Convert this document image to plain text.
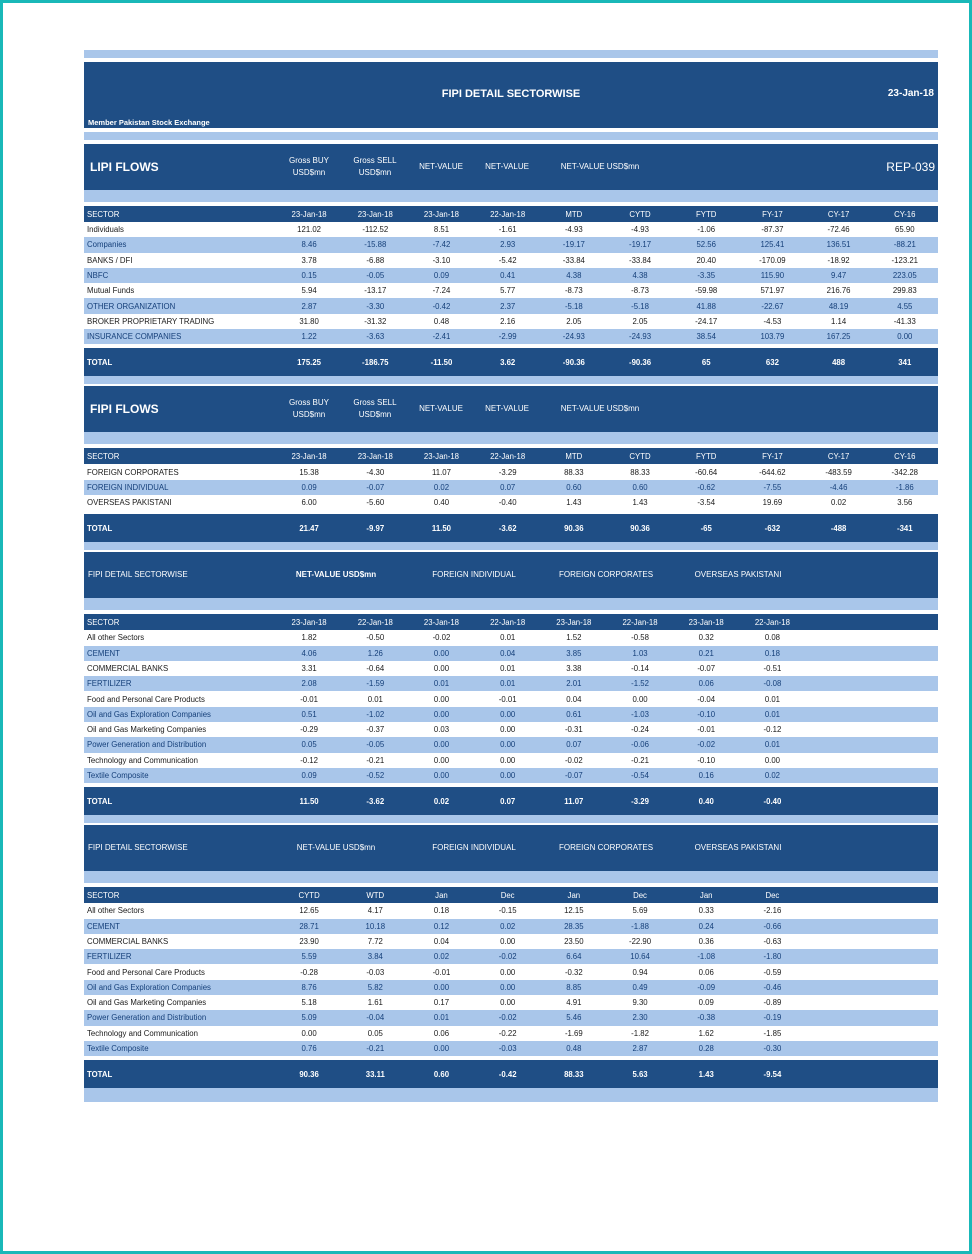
FIPI DETAIL SECTORWISE	23-Jan-18
Member Pakistan Stock Exchange
LIPI FLOWS	Gross BUY
USD$mn
Gross SELL
USD$mn
NET-VALUE	NET-VALUE	NET-VALUE USD$mn	REP-039
SECTOR	23-Jan-18	23-Jan-18	23-Jan-18	22-Jan-18	MTD	CYTD	FYTD	FY-17	CY-17	CY-16
Individuals	121.02	-112.52	8.51	-1.61	-4.93	-4.93	-1.06	-87.37	-72.46	65.90
Companies	8.46	-15.88	-7.42	2.93	-19.17	-19.17	52.56	125.41	136.51	-88.21
BANKS / DFI	3.78	-6.88	-3.10	-5.42	-33.84	-33.84	20.40	-170.09	-18.92	-123.21
NBFC	0.15	-0.05	0.09	0.41	4.38	4.38	-3.35	115.90	9.47	223.05
Mutual Funds	5.94	-13.17	-7.24	5.77	-8.73	-8.73	-59.98	571.97	216.76	299.83
OTHER ORGANIZATION	2.87	-3.30	-0.42	2.37	-5.18	-5.18	41.88	-22.67	48.19	4.55
BROKER PROPRIETARY TRADING	31.80	-31.32	0.48	2.16	2.05	2.05	-24.17	-4.53	1.14	-41.33
INSURANCE COMPANIES	1.22	-3.63	-2.41	-2.99	-24.93	-24.93	38.54	103.79	167.25	0.00
TOTAL	175.25	-186.75	-11.50	3.62	-90.36	-90.36	65	632	488	341
FIPI FLOWS	Gross BUY
USD$mn
Gross SELL
USD$mn
NET-VALUE	NET-VALUE	NET-VALUE USD$mn
SECTOR	23-Jan-18	23-Jan-18	23-Jan-18	22-Jan-18	MTD	CYTD	FYTD	FY-17	CY-17	CY-16
FOREIGN CORPORATES	15.38	-4.30	11.07	-3.29	88.33	88.33	-60.64	-644.62	-483.59	-342.28
FOREIGN INDIVIDUAL	0.09	-0.07	0.02	0.07	0.60	0.60	-0.62	-7.55	-4.46	-1.86
OVERSEAS PAKISTANI	6.00	-5.60	0.40	-0.40	1.43	1.43	-3.54	19.69	0.02	3.56
TOTAL	21.47	-9.97	11.50	-3.62	90.36	90.36	-65	-632	-488	-341
FIPI DETAIL SECTORWISE	NET-VALUE USD$mn	FOREIGN INDIVIDUAL	FOREIGN CORPORATES	OVERSEAS PAKISTANI
SECTOR	23-Jan-18	22-Jan-18	23-Jan-18	22-Jan-18	23-Jan-18	22-Jan-18	23-Jan-18	22-Jan-18
All other Sectors	1.82	-0.50	-0.02	0.01	1.52	-0.58	0.32	0.08
CEMENT	4.06	1.26	0.00	0.04	3.85	1.03	0.21	0.18
COMMERCIAL BANKS	3.31	-0.64	0.00	0.01	3.38	-0.14	-0.07	-0.51
FERTILIZER	2.08	-1.59	0.01	0.01	2.01	-1.52	0.06	-0.08
Food and Personal Care Products	-0.01	0.01	0.00	-0.01	0.04	0.00	-0.04	0.01
Oil and Gas Exploration Companies	0.51	-1.02	0.00	0.00	0.61	-1.03	-0.10	0.01
Oil and Gas Marketing Companies	-0.29	-0.37	0.03	0.00	-0.31	-0.24	-0.01	-0.12
Power Generation and Distribution	0.05	-0.05	0.00	0.00	0.07	-0.06	-0.02	0.01
Technology and Communication	-0.12	-0.21	0.00	0.00	-0.02	-0.21	-0.10	0.00
Textile Composite	0.09	-0.52	0.00	0.00	-0.07	-0.54	0.16	0.02
TOTAL	11.50	-3.62	0.02	0.07	11.07	-3.29	0.40	-0.40
FIPI DETAIL SECTORWISE	NET-VALUE USD$mn	FOREIGN INDIVIDUAL	FOREIGN CORPORATES	OVERSEAS PAKISTANI
SECTOR	CYTD	WTD	Jan	Dec	Jan	Dec	Jan	Dec
All other Sectors	12.65	4.17	0.18	-0.15	12.15	5.69	0.33	-2.16
CEMENT	28.71	10.18	0.12	0.02	28.35	-1.88	0.24	-0.66
COMMERCIAL BANKS	23.90	7.72	0.04	0.00	23.50	-22.90	0.36	-0.63
FERTILIZER	5.59	3.84	0.02	-0.02	6.64	10.64	-1.08	-1.80
Food and Personal Care Products	-0.28	-0.03	-0.01	0.00	-0.32	0.94	0.06	-0.59
Oil and Gas Exploration Companies	8.76	5.82	0.00	0.00	8.85	0.49	-0.09	-0.46
Oil and Gas Marketing Companies	5.18	1.61	0.17	0.00	4.91	9.30	0.09	-0.89
Power Generation and Distribution	5.09	-0.04	0.01	-0.02	5.46	2.30	-0.38	-0.19
Technology and Communication	0.00	0.05	0.06	-0.22	-1.69	-1.82	1.62	-1.85
Textile Composite	0.76	-0.21	0.00	-0.03	0.48	2.87	0.28	-0.30
TOTAL	90.36	33.11	0.60	-0.42	88.33	5.63	1.43	-9.54
